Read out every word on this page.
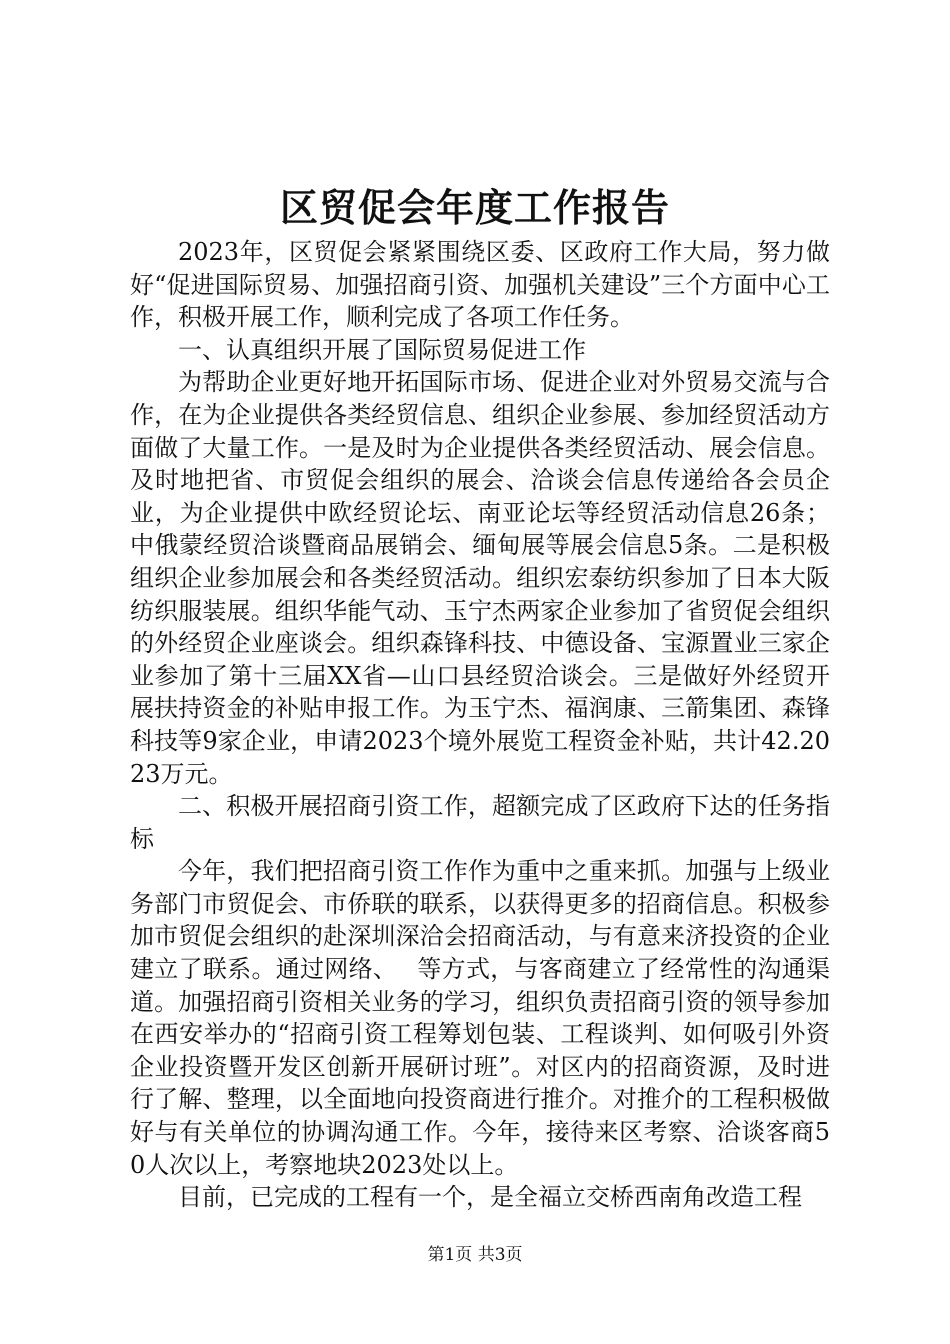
区贸促会年度工作报告

2023年，区贸促会紧紧围绕区委、区政府工作大局，努力做好“促进国际贸易、加强招商引资、加强机关建设”三个方面中心工作，积极开展工作，顺利完成了各项工作任务。

一、认真组织开展了国际贸易促进工作

为帮助企业更好地开拓国际市场、促进企业对外贸易交流与合作，在为企业提供各类经贸信息、组织企业参展、参加经贸活动方面做了大量工作。一是及时为企业提供各类经贸活动、展会信息。及时地把省、市贸促会组织的展会、洽谈会信息传递给各会员企业，为企业提供中欧经贸论坛、南亚论坛等经贸活动信息26条；中俄蒙经贸洽谈暨商品展销会、缅甸展等展会信息5条。二是积极组织企业参加展会和各类经贸活动。组织宏泰纺织参加了日本大阪纺织服装展。组织华能气动、玉宁杰两家企业参加了省贸促会组织的外经贸企业座谈会。组织森锋科技、中德设备、宝源置业三家企业参加了第十三届XX省—山口县经贸洽谈会。三是做好外经贸开展扶持资金的补贴申报工作。为玉宁杰、福润康、三箭集团、森锋科技等9家企业，申请2023个境外展览工程资金补贴，共计42.2023万元。

二、积极开展招商引资工作，超额完成了区政府下达的任务指标

今年，我们把招商引资工作作为重中之重来抓。加强与上级业务部门市贸促会、市侨联的联系，以获得更多的招商信息。积极参加市贸促会组织的赴深圳深洽会招商活动，与有意来济投资的企业建立了联系。通过网络、　 等方式，与客商建立了经常性的沟通渠道。加强招商引资相关业务的学习，组织负责招商引资的领导参加在西安举办的“招商引资工程筹划包装、工程谈判、如何吸引外资企业投资暨开发区创新开展研讨班”。对区内的招商资源，及时进行了解、整理，以全面地向投资商进行推介。对推介的工程积极做好与有关单位的协调沟通工作。今年，接待来区考察、洽谈客商50人次以上，考察地块2023处以上。

目前，已完成的工程有一个，是全福立交桥西南角改造工程

第1页 共3页
